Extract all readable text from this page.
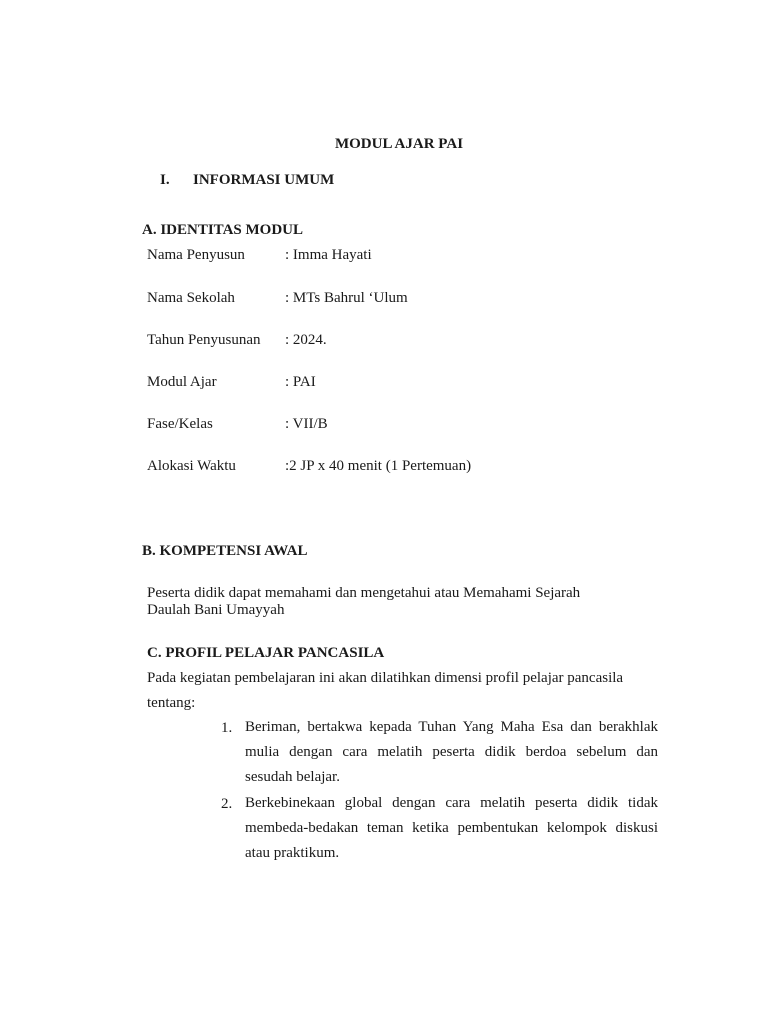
MODUL AJAR PAI
I. INFORMASI UMUM
A. IDENTITAS MODUL
Nama Penyusun	: Imma Hayati
Nama Sekolah	: MTs Bahrul ‘Ulum
Tahun Penyusunan : 2024.
Modul Ajar	: PAI
Fase/Kelas	: VII/B
Alokasi Waktu	:2 JP x 40 menit (1 Pertemuan)
B. KOMPETENSI AWAL
Peserta didik dapat memahami dan mengetahui atau Memahami Sejarah
Daulah Bani Umayyah
C. PROFIL PELAJAR PANCASILA
Pada kegiatan pembelajaran ini akan dilatihkan dimensi profil pelajar pancasila
tentang:
1. Beriman, bertakwa kepada Tuhan Yang Maha Esa dan berakhlak mulia dengan cara melatih peserta didik berdoa sebelum dan sesudah belajar.
2. Berkebinekaan global dengan cara melatih peserta didik tidak membeda-bedakan teman ketika pembentukan kelompok diskusi atau praktikum.
